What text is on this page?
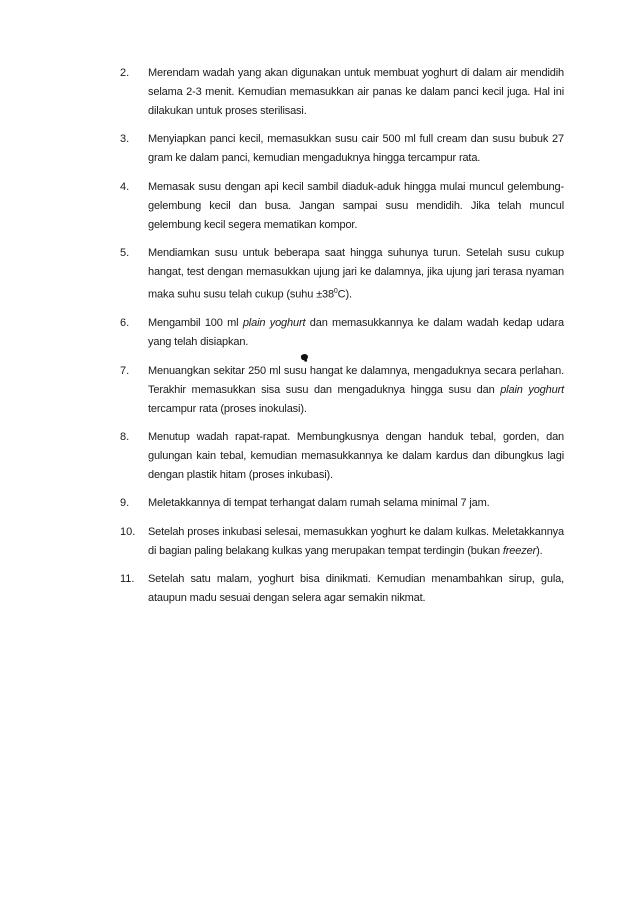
2.	Merendam wadah yang akan digunakan untuk membuat yoghurt di dalam air mendidih selama 2-3 menit. Kemudian memasukkan air panas ke dalam panci kecil juga. Hal ini dilakukan untuk proses sterilisasi.
3.	Menyiapkan panci kecil, memasukkan susu cair 500 ml full cream dan susu bubuk 27 gram ke dalam panci, kemudian mengaduknya hingga tercampur rata.
4.	Memasak susu dengan api kecil sambil diaduk-aduk hingga mulai muncul gelembung-gelembung kecil dan busa. Jangan sampai susu mendidih. Jika telah muncul gelembung kecil segera mematikan kompor.
5.	Mendiamkan susu untuk beberapa saat hingga suhunya turun. Setelah susu cukup hangat, test dengan memasukkan ujung jari ke dalamnya, jika ujung jari terasa nyaman maka suhu susu telah cukup (suhu $\pm 38^0C$).
6.	Mengambil 100 ml plain yoghurt dan memasukkannya ke dalam wadah kedap udara yang telah disiapkan.
7.	Menuangkan sekitar 250 ml susu hangat ke dalamnya, mengaduknya secara perlahan. Terakhir memasukkan sisa susu dan mengaduknya hingga susu dan plain yoghurt tercampur rata (proses inokulasi).
8.	Menutup wadah rapat-rapat. Membungkusnya dengan handuk tebal, gorden, dan gulungan kain tebal, kemudian memasukkannya ke dalam kardus dan dibungkus lagi dengan plastik hitam (proses inkubasi).
9.	Meletakkannya di tempat terhangat dalam rumah selama minimal 7 jam.
10.	Setelah proses inkubasi selesai, memasukkan yoghurt ke dalam kulkas. Meletakkannya di bagian paling belakang kulkas yang merupakan tempat terdingin (bukan freezer).
11.	Setelah satu malam, yoghurt bisa dinikmati. Kemudian menambahkan sirup, gula, ataupun madu sesuai dengan selera agar semakin nikmat.
